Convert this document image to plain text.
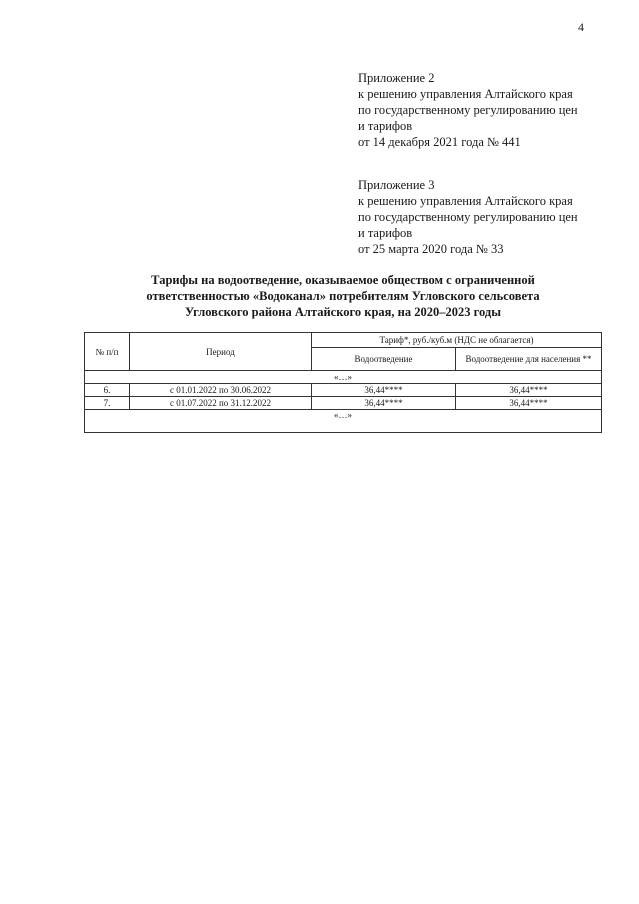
4
Приложение 2
к решению управления Алтайского края
по государственному регулированию цен
и тарифов
от 14 декабря 2021 года № 441
Приложение 3
к решению управления Алтайского края
по государственному регулированию цен
и тарифов
от 25 марта 2020 года № 33
Тарифы на водоотведение, оказываемое обществом с ограниченной
ответственностью «Водоканал» потребителям Угловского сельсовета
Угловского района Алтайского края, на 2020–2023 годы
№ п/п	Период	Тариф*, руб./куб.м (НДС не облагается)	
		Водоотведение	Водоотведение для населения **
«…»			
6.	с 01.01.2022 по 30.06.2022	36,44****	36,44****
7.	с 01.07.2022 по 31.12.2022	36,44****	36,44****
«…»			
